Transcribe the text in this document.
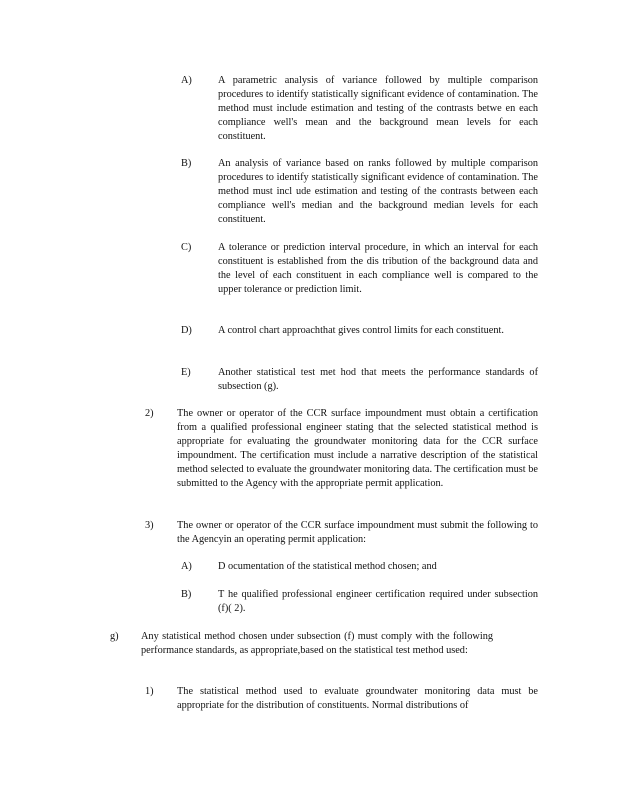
A)	A parametric analysis of variance followed by multiple comparison procedures to identify statistically significant evidence of contamination. The method must include estimation and testing of the contrasts betwe en each compliance well's mean and the background mean levels for each constituent.

B)	An analysis of variance based on ranks followed by multiple comparison procedures to identify statistically significant evidence of contamination. The method must incl ude estimation and testing of the contrasts between each compliance well's median and the background median levels for each constituent.

C)	A tolerance or prediction interval procedure, in which an interval for each constituent is established from the dis tribution of the background data and the level of each constituent in each compliance well is compared to the upper tolerance or prediction limit.

D)	A control chart approachthat gives control limits for each constituent.

E)	Another statistical test met hod that meets the performance standards of subsection (g).

2) The owner or operator of the CCR surface impoundment must obtain a certification from a qualified professional engineer stating that the selected statistical method is appropriate for evaluating the groundwater monitoring data for the CCR surface impoundment. The certification must include a narrative description of the statistical method selected to evaluate the groundwater monitoring data. The certification must be submitted to the Agency with the appropriate permit application.

3) The owner or operator of the CCR surface impoundment must submit the following to the Agencyin an operating permit application:

A)	D ocumentation of the statistical method chosen; and

B)	T he qualified professional engineer certification required under subsection (f)( 2).

g) Any statistical method chosen under subsection (f) must comply with the following performance standards, as appropriate,based on the statistical test method used:

1) The statistical method used to evaluate groundwater monitoring data must be appropriate for the distribution of constituents. Normal distributions of
